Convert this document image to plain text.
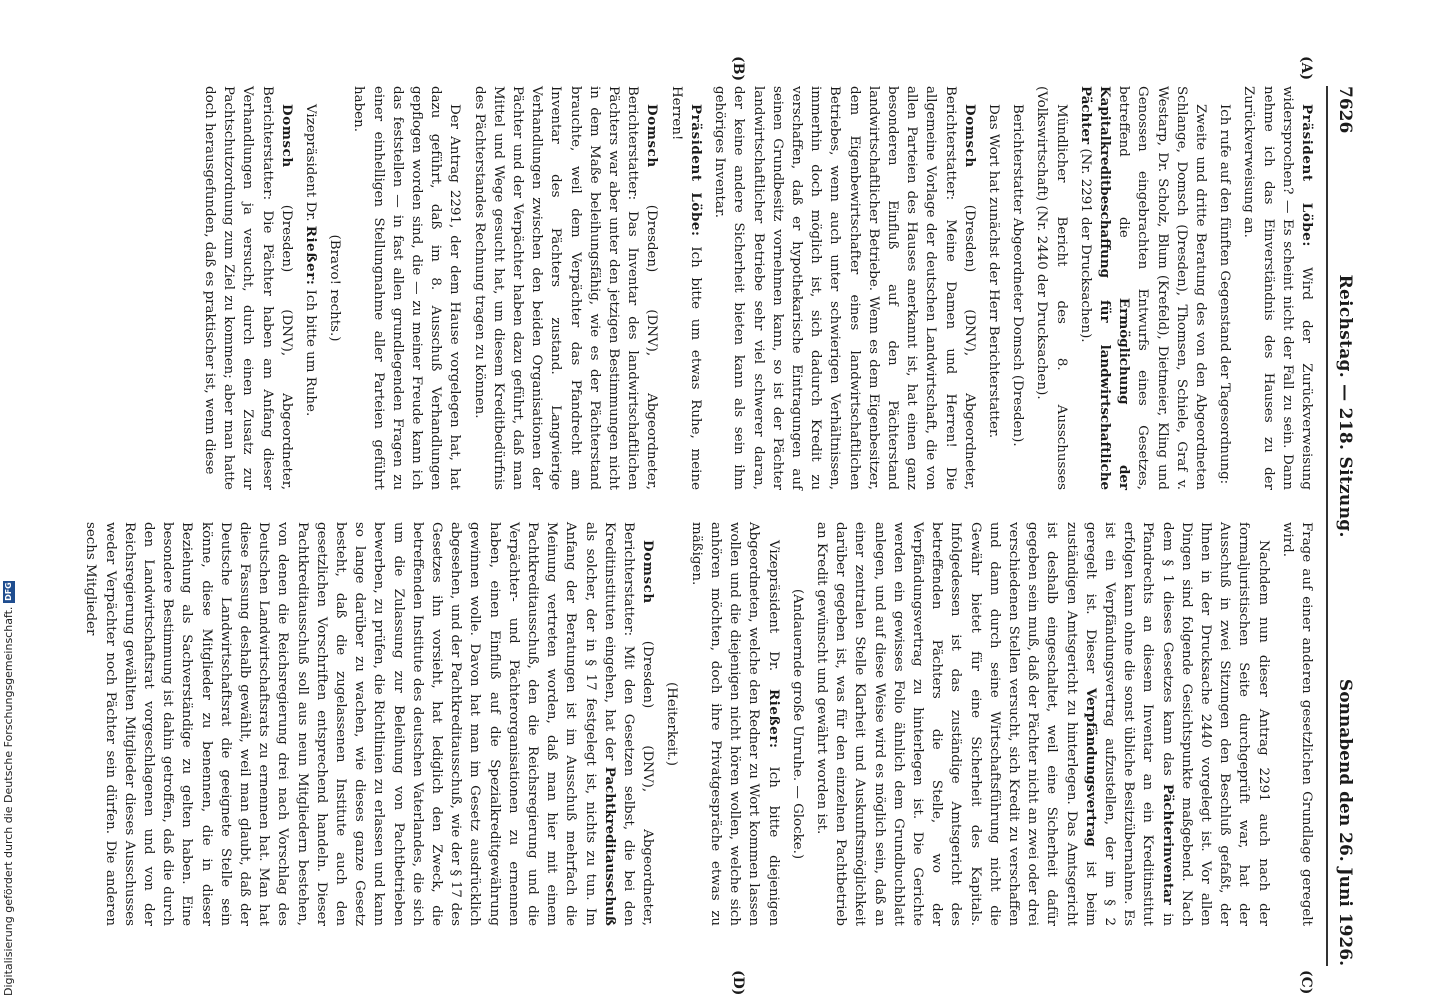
7626
Reichstag. — 218. Sitzung.
Sonnabend den 26. Juni 1926.
(A)
(B)
(C)
(D)

Präsident Löbe: Wird der Zurückverweisung widersprochen? — Es scheint nicht der Fall zu sein. Dann nehme ich das Einverständnis des Hauses zu der Zurückverweisung an.

Ich rufe auf den fünften Gegenstand der Tagesordnung:

Zweite und dritte Beratung des von den Abgeordneten Schlange, Domsch (Dresden), Thomsen, Schiele, Graf v. Westarp, Dr. Scholz, Blum (Krefeld), Dietmeier, Kling und Genossen eingebrachten Entwurfs eines Gesetzes, betreffend die Ermöglichung der Kapitalkreditbeschaffung für landwirtschaftliche Pächter (Nr. 2291 der Drucksachen).

Mündlicher Bericht des 8. Ausschusses (Volkswirtschaft) (Nr. 2440 der Drucksachen).

Berichterstatter Abgeordneter Domsch (Dresden).

Das Wort hat zunächst der Herr Berichterstatter.

Domsch (Dresden) (DNV), Abgeordneter, Berichterstatter: Meine Damen und Herren! Die allgemeine Vorlage der deutschen Landwirtschaft, die von allen Parteien des Hauses anerkannt ist, hat einen ganz besonderen Einfluß auf den Pächterstand landwirtschaftlicher Betriebe. Wenn es dem Eigenbesitzer, dem Eigenbewirtschafter eines landwirtschaftlichen Betriebes, wenn auch unter schwierigen Verhältnissen, immerhin doch möglich ist, sich dadurch Kredit zu verschaffen, daß er hypothekarische Eintragungen auf seinen Grundbesitz vornehmen kann, so ist der Pächter landwirtschaftlicher Betriebe sehr viel schwerer daran, der keine andere Sicherheit bieten kann als sein ihm gehöriges Inventar.

Präsident Löbe: Ich bitte um etwas Ruhe, meine Herren!

Domsch (Dresden) (DNV), Abgeordneter, Berichterstatter: Das Inventar des landwirtschaftlichen Pächters war aber unter den jetzigen Bestimmungen nicht in dem Maße beleihungsfähig, wie es der Pächterstand brauchte, weil dem Verpächter das Pfandrecht am Inventar des Pächters zustand. Langwierige Verhandlungen zwischen den beiden Organisationen der Pächter und der Verpächter haben dazu geführt, daß man Mittel und Wege gesucht hat, um diesem Kreditbedürfnis des Pächterstandes Rechnung tragen zu können.

Der Antrag 2291, der dem Hause vorgelegen hat, hat dazu geführt, daß im 8. Ausschuß Verhandlungen gepflogen worden sind, die — zu meiner Freude kann ich das feststellen — in fast allen grundlegenden Fragen zu einer einhelligen Stellungnahme aller Parteien geführt haben.

(Bravo! rechts.)

Vizepräsident Dr. Rießer: Ich bitte um Ruhe.

Domsch (Dresden) (DNV), Abgeordneter, Berichterstatter: Die Pächter haben am Anfang dieser Verhandlungen ja versucht, durch einen Zusatz zur Pachtschutzordnung zum Ziel zu kommen; aber man hatte doch herausgefunden, daß es praktischer ist, wenn diese

Frage auf einer anderen gesetzlichen Grundlage geregelt wird.

Nachdem nun dieser Antrag 2291 auch nach der formaljuristischen Seite durchgeprüft war, hat der Ausschuß in zwei Sitzungen den Beschluß gefaßt, der Ihnen in der Drucksache 2440 vorgelegt ist. Vor allen Dingen sind folgende Gesichtspunkte maßgebend. Nach dem § 1 dieses Gesetzes kann das Pächterinventar in Pfandrechts an diesem Inventar an ein Kreditinstitut erfolgen kann ohne die sonst übliche Besitzübernahme. Es ist ein Verpfändungsvertrag aufzustellen, der im § 2 geregelt ist. Dieser Verpfändungsvertrag ist beim zuständigen Amtsgericht zu hinterlegen. Das Amtsgericht ist deshalb eingeschaltet, weil eine Sicherheit dafür gegeben sein muß, daß der Pächter nicht an zwei oder drei verschiedenen Stellen versucht, sich Kredit zu verschaffen und dann durch seine Wirtschaftsführung nicht die Gewähr bietet für eine Sicherheit des Kapitals. Infolgedessen ist das zuständige Amtsgericht des betreffenden Pächters die Stelle, wo der Verpfändungsvertrag zu hinterlegen ist. Die Gerichte werden ein gewisses Folio ähnlich dem Grundbuchblatt anlegen, und auf diese Weise wird es möglich sein, daß an einer zentralen Stelle Klarheit und Auskunftsmöglichkeit darüber gegeben ist, was für den einzelnen Pachtbetrieb an Kredit gewünscht und gewährt worden ist.

(Andauernde große Unruhe. — Glocke.)

Vizepräsident Dr. Rießer: Ich bitte diejenigen Abgeordneten, welche den Redner zu Wort kommen lassen wollen und die diejenigen nicht hören wollen, welche sich anhören möchten, doch ihre Privatgespräche etwas zu mäßigen.

(Heiterkeit.)

Domsch (Dresden) (DNV), Abgeordneter, Berichterstatter: Mit den Gesetzen selbst, die bei den Kreditinstituten eingehen, hat der Pachtkreditausschuß als solcher, der in § 17 festgelegt ist, nichts zu tun. Im Anfang der Beratungen ist im Ausschuß mehrfach die Meinung vertreten worden, daß man hier mit einem Pachtkreditausschuß, den die Reichsregierung und die Verpächter- und Pächterorganisationen zu ernennen haben, einen Einfluß auf die Spezialkreditgewährung gewinnen wolle. Davon hat man im Gesetz ausdrücklich abgesehen, und der Pachtkreditausschuß, wie der § 17 des Gesetzes ihn vorsieht, hat lediglich den Zweck, die betreffenden Institute des deutschen Vaterlandes, die sich um die Zulassung zur Beleihung von Pachtbetrieben bewerben, zu prüfen, die Richtlinien zu erlassen und kann so lange darüber zu wachen, wie dieses ganze Gesetz besteht, daß die zugelassenen Institute auch den gesetzlichen Vorschriften entsprechend handeln. Dieser Pachtkreditausschuß soll aus neun Mitgliedern bestehen, von denen die Reichsregierung drei nach Vorschlag des Deutschen Landwirtschaftsrats zu ernennen hat. Man hat diese Fassung deshalb gewählt, weil man glaubt, daß der Deutsche Landwirtschaftsrat die geeignete Stelle sein könne, diese Mitglieder zu benennen, die in dieser Beziehung als Sachverständige zu gelten haben. Eine besondere Bestimmung ist dahin getroffen, daß die durch den Landwirtschaftsrat vorgeschlagenen und von der Reichsregierung gewählten Mitglieder dieses Ausschusses weder Verpächter noch Pächter sein dürfen. Die anderen sechs Mitglieder

Digitalisierung gefördert durch die Deutsche Forschungsgemeinschaft.
DFG
